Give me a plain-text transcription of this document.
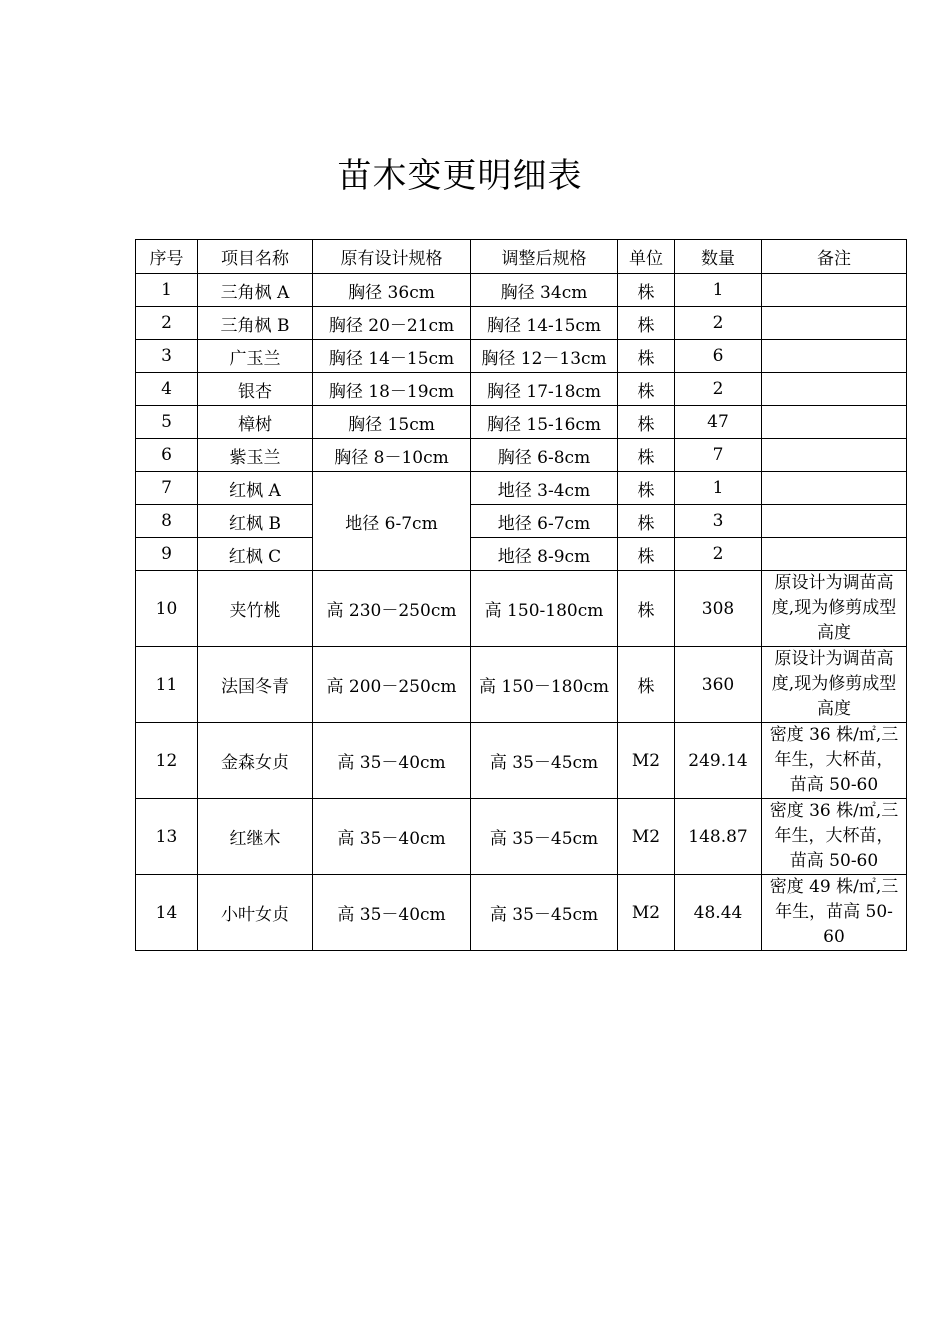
苗木变更明细表
序号	项目名称	原有设计规格	调整后规格	单位	数量	备注
1	三角枫 A	胸径 36cm	胸径 34cm	株	1	
2	三角枫 B	胸径 20－21cm	胸径 14-15cm	株	2	
3	广玉兰	胸径 14－15cm	胸径 12－13cm	株	6	
4	银杏	胸径 18－19cm	胸径 17-18cm	株	2	
5	樟树	胸径 15cm	胸径 15-16cm	株	47	
6	紫玉兰	胸径 8－10cm	胸径 6-8cm	株	7	
7	红枫 A	地径 6-7cm	地径 3-4cm	株	1	
8	红枫 B		地径 6-7cm	株	3	
9	红枫 C		地径 8-9cm	株	2	
10	夹竹桃	高 230－250cm	高 150-180cm	株	308	原设计为调苗高度,现为修剪成型高度
11	法国冬青	高 200－250cm	高 150－180cm	株	360	原设计为调苗高度,现为修剪成型高度
12	金森女贞	高 35－40cm	高 35－45cm	M2	249.14	密度 36 株/㎡,三年生，大杯苗，苗高 50-60
13	红继木	高 35－40cm	高 35－45cm	M2	148.87	密度 36 株/㎡,三年生，大杯苗，苗高 50-60
14	小叶女贞	高 35－40cm	高 35－45cm	M2	48.44	密度 49 株/㎡,三年生，苗高 50-60
